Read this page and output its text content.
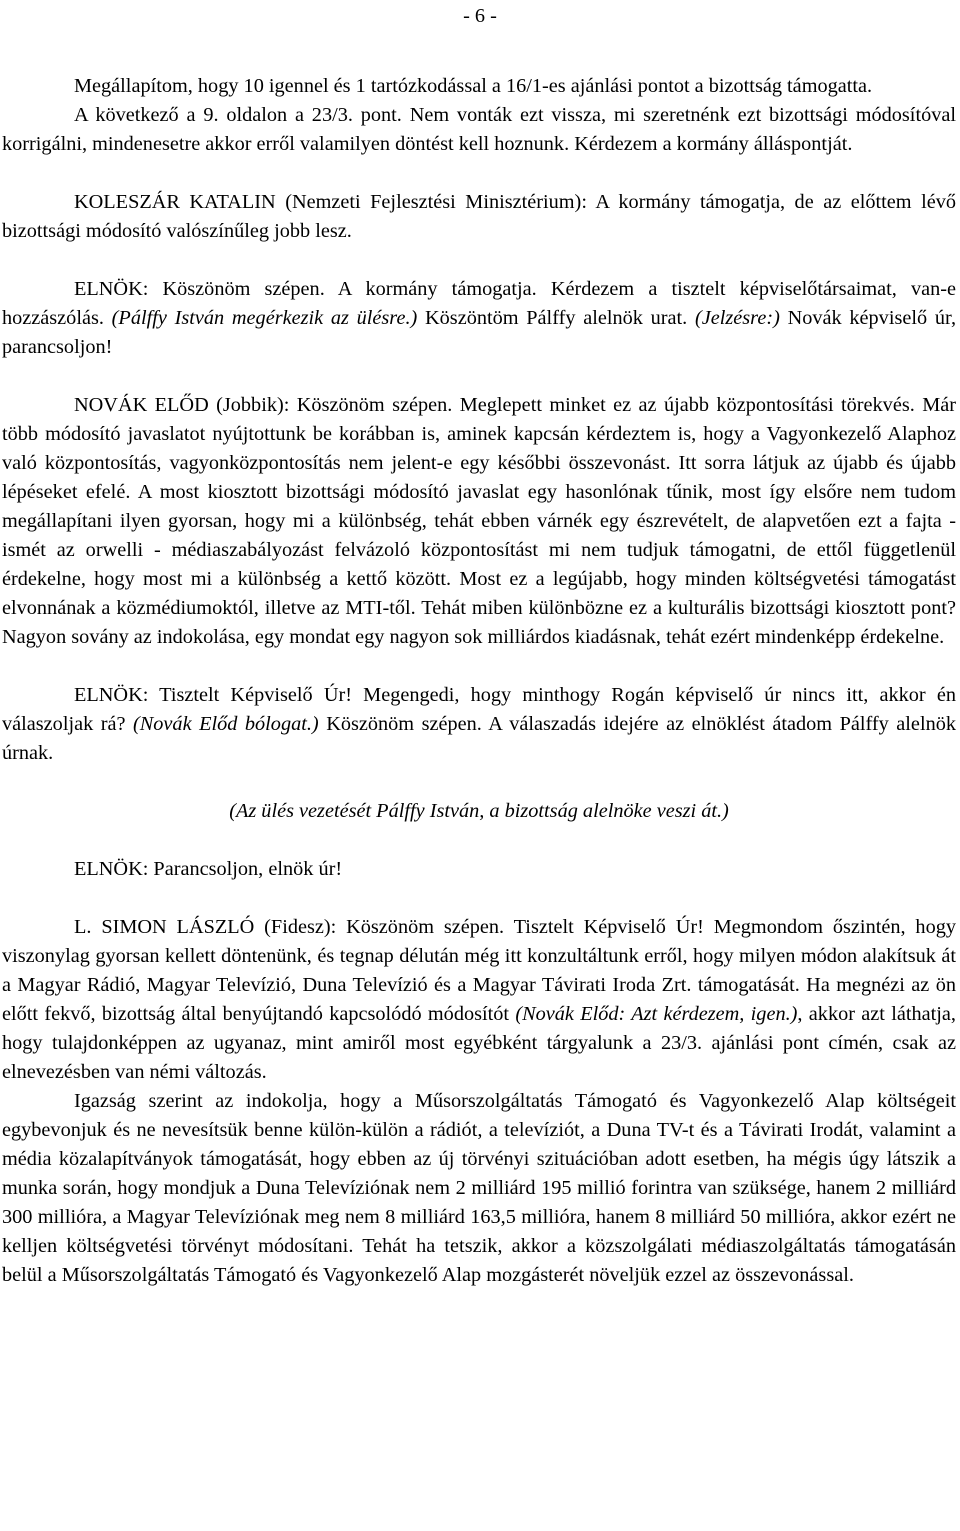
- 6 -

Megállapítom, hogy 10 igennel és 1 tartózkodással a 16/1-es ajánlási pontot a bizottság támogatta.

A következő a 9. oldalon a 23/3. pont. Nem vonták ezt vissza, mi szeretnénk ezt bizottsági módosítóval korrigálni, mindenesetre akkor erről valamilyen döntést kell hoznunk. Kérdezem a kormány álláspontját.

KOLESZÁR KATALIN (Nemzeti Fejlesztési Minisztérium): A kormány támogatja, de az előttem lévő bizottsági módosító valószínűleg jobb lesz.

ELNÖK: Köszönöm szépen. A kormány támogatja. Kérdezem a tisztelt képviselőtársaimat, van-e hozzászólás. (Pálffy István megérkezik az ülésre.) Köszöntöm Pálffy alelnök urat. (Jelzésre:) Novák képviselő úr, parancsoljon!

NOVÁK ELŐD (Jobbik): Köszönöm szépen. Meglepett minket ez az újabb központosítási törekvés. Már több módosító javaslatot nyújtottunk be korábban is, aminek kapcsán kérdeztem is, hogy a Vagyonkezelő Alaphoz való központosítás, vagyonközpontosítás nem jelent-e egy későbbi összevonást. Itt sorra látjuk az újabb és újabb lépéseket efelé. A most kiosztott bizottsági módosító javaslat egy hasonlónak tűnik, most így elsőre nem tudom megállapítani ilyen gyorsan, hogy mi a különbség, tehát ebben várnék egy észrevételt, de alapvetően ezt a fajta - ismét az orwelli - médiaszabályozást felvázoló központosítást mi nem tudjuk támogatni, de ettől függetlenül érdekelne, hogy most mi a különbség a kettő között. Most ez a legújabb, hogy minden költségvetési támogatást elvonnának a közmédiumoktól, illetve az MTI-től. Tehát miben különbözne ez a kulturális bizottsági kiosztott pont? Nagyon sovány az indokolása, egy mondat egy nagyon sok milliárdos kiadásnak, tehát ezért mindenképp érdekelne.

ELNÖK: Tisztelt Képviselő Úr! Megengedi, hogy minthogy Rogán képviselő úr nincs itt, akkor én válaszoljak rá? (Novák Előd bólogat.) Köszönöm szépen. A válaszadás idejére az elnöklést átadom Pálffy alelnök úrnak.

(Az ülés vezetését Pálffy István, a bizottság alelnöke veszi át.)

ELNÖK: Parancsoljon, elnök úr!

L. SIMON LÁSZLÓ (Fidesz): Köszönöm szépen. Tisztelt Képviselő Úr! Megmondom őszintén, hogy viszonylag gyorsan kellett döntenünk, és tegnap délután még itt konzultáltunk erről, hogy milyen módon alakítsuk át a Magyar Rádió, Magyar Televízió, Duna Televízió és a Magyar Távirati Iroda Zrt. támogatását. Ha megnézi az ön előtt fekvő, bizottság által benyújtandó kapcsolódó módosítót (Novák Előd: Azt kérdezem, igen.), akkor azt láthatja, hogy tulajdonképpen az ugyanaz, mint amiről most egyébként tárgyalunk a 23/3. ajánlási pont címén, csak az elnevezésben van némi változás.

Igazság szerint az indokolja, hogy a Műsorszolgáltatás Támogató és Vagyonkezelő Alap költségeit egybevonjuk és ne nevesítsük benne külön-külön a rádiót, a televíziót, a Duna TV-t és a Távirati Irodát, valamint a média közalapítványok támogatását, hogy ebben az új törvényi szituációban adott esetben, ha mégis úgy látszik a munka során, hogy mondjuk a Duna Televíziónak nem 2 milliárd 195 millió forintra van szüksége, hanem 2 milliárd 300 millióra, a Magyar Televíziónak meg nem 8 milliárd 163,5 millióra, hanem 8 milliárd 50 millióra, akkor ezért ne kelljen költségvetési törvényt módosítani. Tehát ha tetszik, akkor a közszolgálati médiaszolgáltatás támogatásán belül a Műsorszolgáltatás Támogató és Vagyonkezelő Alap mozgásterét növeljük ezzel az összevonással.
